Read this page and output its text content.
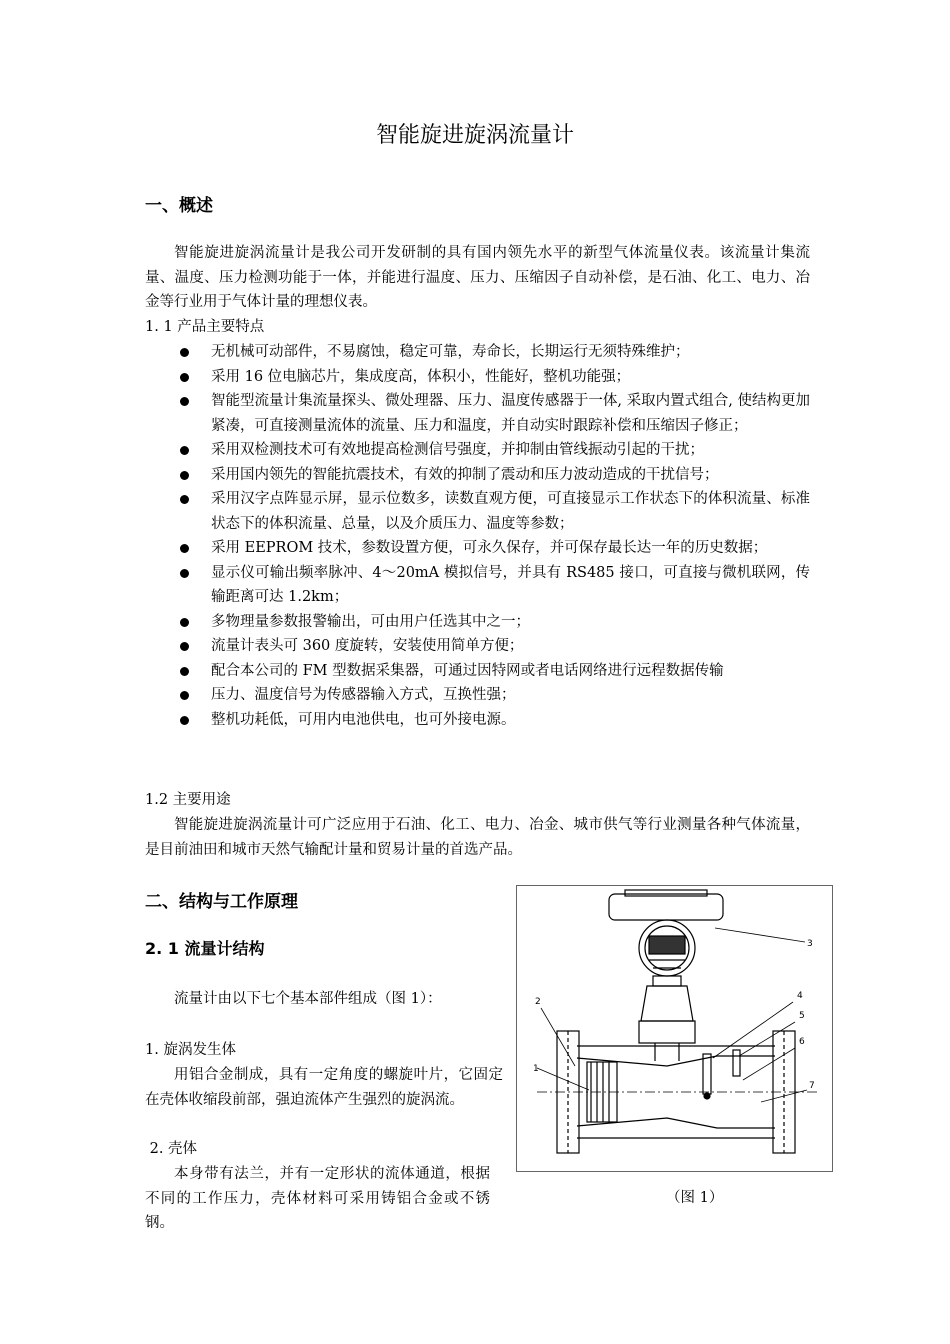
智能旋进旋涡流量计
一、概述
智能旋进旋涡流量计是我公司开发研制的具有国内领先水平的新型气体流量仪表。该流量计集流量、温度、压力检测功能于一体，并能进行温度、压力、压缩因子自动补偿，是石油、化工、电力、冶金等行业用于气体计量的理想仪表。
1. 1 产品主要特点
无机械可动部件，不易腐蚀，稳定可靠，寿命长，长期运行无须特殊维护；
采用 16 位电脑芯片，集成度高，体积小，性能好，整机功能强；
智能型流量计集流量探头、微处理器、压力、温度传感器于一体, 采取内置式组合, 使结构更加紧凑，可直接测量流体的流量、压力和温度，并自动实时跟踪补偿和压缩因子修正；
采用双检测技术可有效地提高检测信号强度，并抑制由管线振动引起的干扰；
采用国内领先的智能抗震技术，有效的抑制了震动和压力波动造成的干扰信号；
采用汉字点阵显示屏，显示位数多，读数直观方便，可直接显示工作状态下的体积流量、标准状态下的体积流量、总量，以及介质压力、温度等参数；
采用 EEPROM 技术，参数设置方便，可永久保存，并可保存最长达一年的历史数据；
显示仪可输出频率脉冲、4～20mA 模拟信号，并具有 RS485 接口，可直接与微机联网，传输距离可达 1.2km；
多物理量参数报警输出，可由用户任选其中之一；
流量计表头可 360 度旋转，安装使用简单方便；
配合本公司的 FM 型数据采集器，可通过因特网或者电话网络进行远程数据传输
压力、温度信号为传感器输入方式，互换性强；
整机功耗低，可用内电池供电，也可外接电源。
1.2 主要用途
智能旋进旋涡流量计可广泛应用于石油、化工、电力、冶金、城市供气等行业测量各种气体流量，是目前油田和城市天然气输配计量和贸易计量的首选产品。
二、结构与工作原理
2. 1 流量计结构
流量计由以下七个基本部件组成（图 1）：
1. 旋涡发生体
用铝合金制成，具有一定角度的螺旋叶片，它固定在壳体收缩段前部，强迫流体产生强烈的旋涡流。
2. 壳体
本身带有法兰，并有一定形状的流体通道，根据不同的工作压力，壳体材料可采用铸铝合金或不锈钢。
1
2
3
4
5
6
7
（图 1）
